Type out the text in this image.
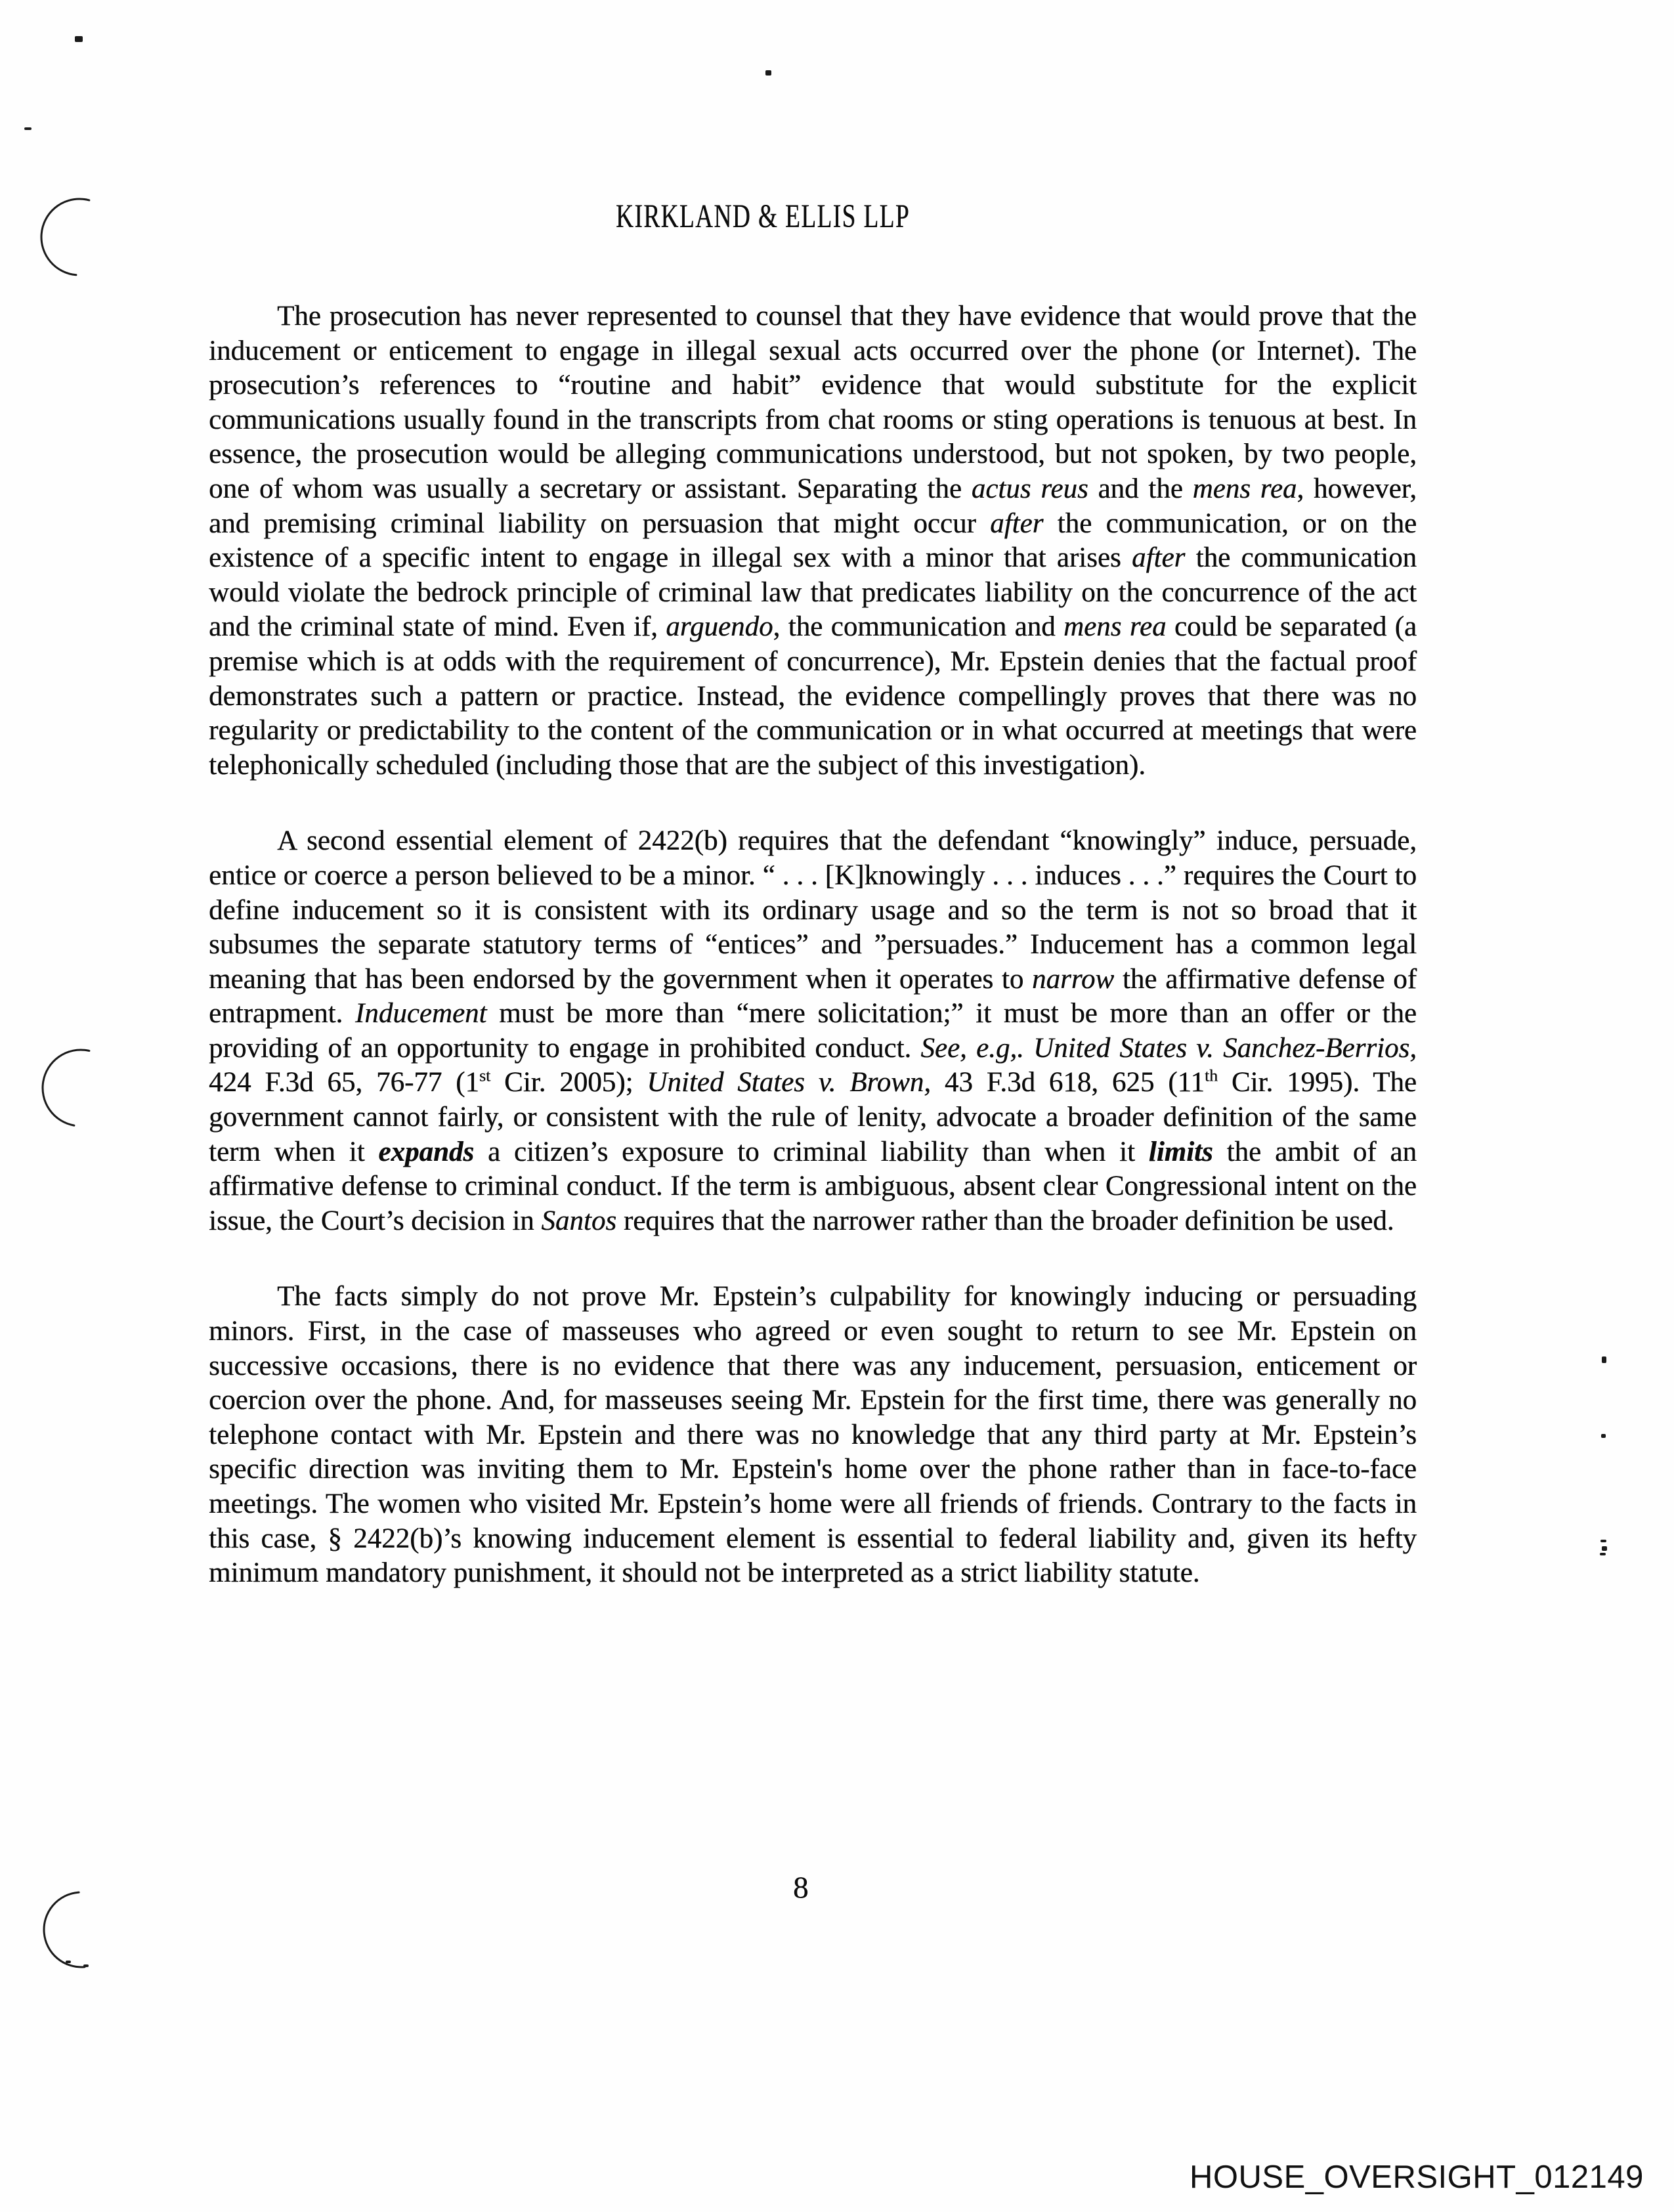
KIRKLAND & ELLIS LLP

The prosecution has never represented to counsel that they have evidence that would prove that the inducement or enticement to engage in illegal sexual acts occurred over the phone (or Internet). The prosecution’s references to “routine and habit” evidence that would substitute for the explicit communications usually found in the transcripts from chat rooms or sting operations is tenuous at best. In essence, the prosecution would be alleging communications understood, but not spoken, by two people, one of whom was usually a secretary or assistant. Separating the actus reus and the mens rea, however, and premising criminal liability on persuasion that might occur after the communication, or on the existence of a specific intent to engage in illegal sex with a minor that arises after the communication would violate the bedrock principle of criminal law that predicates liability on the concurrence of the act and the criminal state of mind. Even if, arguendo, the communication and mens rea could be separated (a premise which is at odds with the requirement of concurrence), Mr. Epstein denies that the factual proof demonstrates such a pattern or practice. Instead, the evidence compellingly proves that there was no regularity or predictability to the content of the communication or in what occurred at meetings that were telephonically scheduled (including those that are the subject of this investigation).

A second essential element of 2422(b) requires that the defendant “knowingly” induce, persuade, entice or coerce a person believed to be a minor. “ . . . [K]knowingly . . . induces . . .” requires the Court to define inducement so it is consistent with its ordinary usage and so the term is not so broad that it subsumes the separate statutory terms of “entices” and ”persuades.” Inducement has a common legal meaning that has been endorsed by the government when it operates to narrow the affirmative defense of entrapment. Inducement must be more than “mere solicitation;” it must be more than an offer or the providing of an opportunity to engage in prohibited conduct. See, e.g,. United States v. Sanchez-Berrios, 424 F.3d 65, 76-77 (1st Cir. 2005); United States v. Brown, 43 F.3d 618, 625 (11th Cir. 1995). The government cannot fairly, or consistent with the rule of lenity, advocate a broader definition of the same term when it expands a citizen’s exposure to criminal liability than when it limits the ambit of an affirmative defense to criminal conduct. If the term is ambiguous, absent clear Congressional intent on the issue, the Court’s decision in Santos requires that the narrower rather than the broader definition be used.

The facts simply do not prove Mr. Epstein’s culpability for knowingly inducing or persuading minors. First, in the case of masseuses who agreed or even sought to return to see Mr. Epstein on successive occasions, there is no evidence that there was any inducement, persuasion, enticement or coercion over the phone. And, for masseuses seeing Mr. Epstein for the first time, there was generally no telephone contact with Mr. Epstein and there was no knowledge that any third party at Mr. Epstein’s specific direction was inviting them to Mr. Epstein's home over the phone rather than in face-to-face meetings. The women who visited Mr. Epstein’s home were all friends of friends. Contrary to the facts in this case, § 2422(b)’s knowing inducement element is essential to federal liability and, given its hefty minimum mandatory punishment, it should not be interpreted as a strict liability statute.

8
HOUSE_OVERSIGHT_012149
